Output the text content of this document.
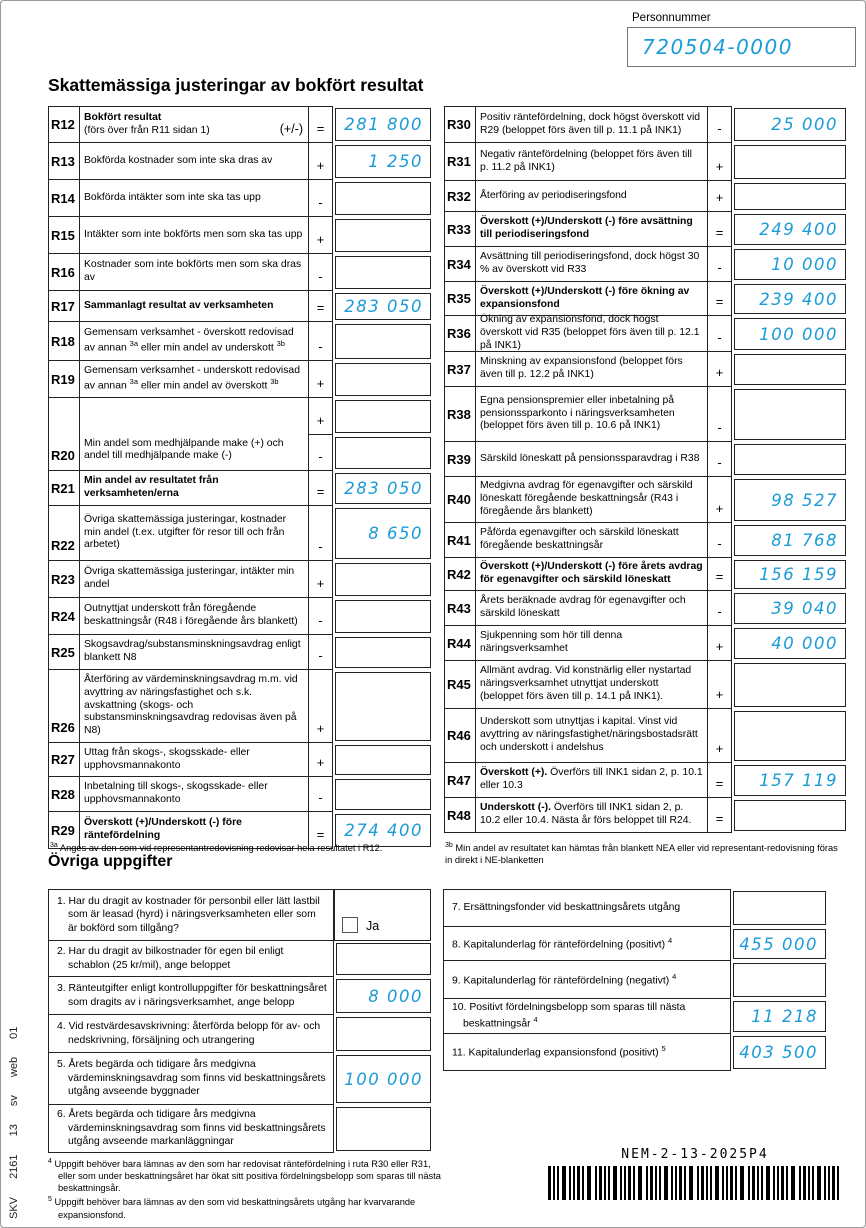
Personnummer
720504-0000
Skattemässiga justeringar av bokfört resultat
R12 Bokfört resultat
(förs över från R11 sidan 1)	(+/-)	=	281 800
R13 Bokförda kostnader som inte ska dras av	+	1 250
R14 Bokförda intäkter som inte ska tas upp	-
R15 Intäkter som inte bokförts men som ska tas upp	+
R16 Kostnader som inte bokförts men som ska dras av	-
R17 Sammanlagt resultat av verksamheten	=	283 050
R18
Gemensam verksamhet - överskott redovisad av annan $^{3a}$ eller min andel av underskott $^{3b}$	-
R19
Gemensam verksamhet - underskott redovisad av annan $^{3a}$ eller min andel av överskott $^{3b}$	+
R20
Min andel som medhjälpande make (+) och andel till medhjälpande make (-)
+
-
R21 Min andel av resultatet från verksamheten/erna	=	283 050
R22
Övriga skattemässiga justeringar, kostnader min andel (t.ex. utgifter för resor till och från arbetet)	-
8 650
R23 Övriga skattemässiga justeringar, intäkter min andel	+
R24 Outnyttjat underskott från föregående beskattningsår (R48 i föregående års blankett)	-
R25 Skogsavdrag/substansminskningsavdrag enligt blankett N8	-
R26
Återföring av värdeminskningsavdrag m.m. vid avyttring av näringsfastighet och s.k. avskattning (skogs- och substansminskningsavdrag redovisas även på N8)	+
R27 Uttag från skogs-, skogsskade- eller upphovsmannakonto	+
R28 Inbetalning till skogs-, skogsskade- eller upphovsmannakonto	-
R29 Överskott (+)/Underskott (-) före räntefördelning	=	274 400
R30 Positiv räntefördelning, dock högst överskott vid R29 (beloppet förs även till p. 11.1 på INK1)	-	25 000
R31 Negativ räntefördelning (beloppet förs även till p. 11.2 på INK1)	+
R32 Återföring av periodiseringsfond	+
R33 Överskott (+)/Underskott (-) före avsättning till periodiseringsfond	=	249 400
R34 Avsättning till periodiseringsfond, dock högst 30 % av överskott vid R33	-	10 000
R35 Överskott (+)/Underskott (-) före ökning av expansionsfond	=	239 400
R36
Ökning av expansionsfond, dock högst överskott vid R35 (beloppet förs även till p. 12.1 på INK1)
-	100 000
R37 Minskning av expansionsfond (beloppet förs även till p. 12.2 på INK1)	+
R38
Egna pensionspremier eller inbetalning på pensionssparkonto i näringsverksamheten (beloppet förs även till p. 10.6 på INK1)	-
R39 Särskild löneskatt på pensionssparavdrag i R38	-
R40
Medgivna avdrag för egenavgifter och särskild löneskatt föregående beskattningsår (R43 i föregående års blankett)	+	98 527
R41 Påförda egenavgifter och särskild löneskatt föregående beskattningsår	-	81 768
R42 Överskott (+)/Underskott (-) före årets avdrag för egenavgifter och särskild löneskatt	=	156 159
R43 Årets beräknade avdrag för egenavgifter och särskild löneskatt	-	39 040
R44 Sjukpenning som hör till denna näringsverksamhet	+	40 000
R45
Allmänt avdrag. Vid konstnärlig eller nystartad näringsverksamhet utnyttjat underskott (beloppet förs även till p. 14.1 på INK1).	+
R46
Underskott som utnyttjas i kapital. Vinst vid avyttring av näringsfastighet/näringsbostadsrätt och underskott i andelshus	+
R47 Överskott (+). Överförs till INK1 sidan 2, p. 10.1 eller 10.3	=	157 119
R48 Underskott (-). Överförs till INK1 sidan 2, p. 10.2 eller 10.4. Nästa år förs beloppet till R24.	=
$^{3a}$ Anges av den som vid representantredovisning redovisar hela resultatet i R12.	$^{3b}$ Min andel av resultatet kan hämtas från blankett NEA eller vid representant-redovisning föras in direkt i NE-blanketten
Övriga uppgifter
1. Har du dragit av kostnader för personbil eller lätt lastbil som är leasad (hyrd) i näringsverksamheten eller som är bokförd som tillgång?	Ja
2. Har du dragit av bilkostnader för egen bil enligt schablon (25 kr/mil), ange beloppet
3. Ränteutgifter enligt kontrolluppgifter för beskattningsåret som dragits av i näringsverksamhet, ange belopp	8 000
4. Vid restvärdesavskrivning: återförda belopp för av- och nedskrivning, försäljning och utrangering
5. Årets begärda och tidigare års medgivna värdeminskningsavdrag som finns vid beskattningsårets utgång avseende byggnader
100 000
6. Årets begärda och tidigare års medgivna värdeminskningsavdrag som finns vid beskattningsårets utgång avseende markanläggningar
7. Ersättningsfonder vid beskattningsårets utgång
8. Kapitalunderlag för räntefördelning (positivt) $^4$	455 000
9. Kapitalunderlag för räntefördelning (negativt) $^4$
10. Positivt fördelningsbelopp som sparas till nästa beskattningsår $^4$	11 218
11. Kapitalunderlag expansionsfond (positivt) $^5$	403 500
$^4$ Uppgift behöver bara lämnas av den som har redovisat räntefördelning i ruta R30 eller R31, eller som under beskattningsåret har ökat sitt positiva fördelningsbelopp som sparas till nästa beskattningsår.
$^5$ Uppgift behöver bara lämnas av den som vid beskattningsårets utgång har kvarvarande expansionsfond.
NEM-2-13-2025P4
SKV 2161 13 sv web 01
